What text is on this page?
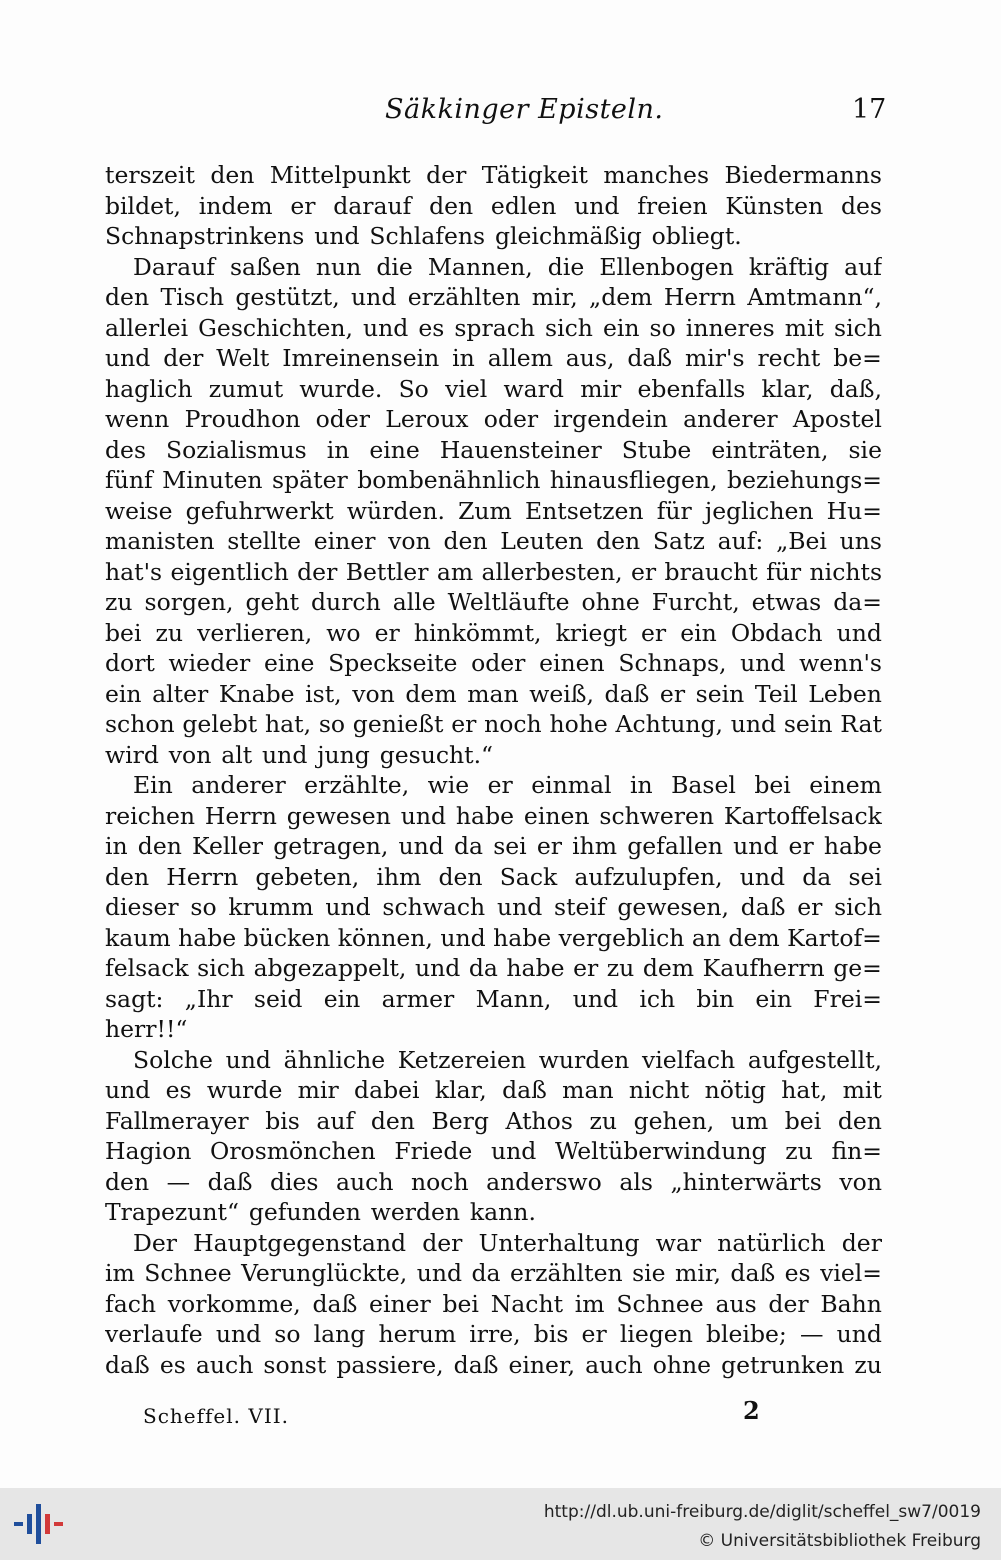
Säkkinger Episteln.	17
terszeit den Mittelpunkt der Tätigkeit manches Biedermanns
bildet, indem er darauf den edlen und freien Künsten des
Schnapstrinkens und Schlafens gleichmäßig obliegt.
Darauf saßen nun die Mannen, die Ellenbogen kräftig auf
den Tisch gestützt, und erzählten mir, „dem Herrn Amtmann“,
allerlei Geschichten, und es sprach sich ein so inneres mit sich
und der Welt Imreinensein in allem aus, daß mir's recht be=
haglich zumut wurde. So viel ward mir ebenfalls klar, daß,
wenn Proudhon oder Leroux oder irgendein anderer Apostel
des Sozialismus in eine Hauensteiner Stube einträten, sie
fünf Minuten später bombenähnlich hinausfliegen, beziehungs=
weise gefuhrwerkt würden. Zum Entsetzen für jeglichen Hu=
manisten stellte einer von den Leuten den Satz auf: „Bei uns
hat's eigentlich der Bettler am allerbesten, er braucht für nichts
zu sorgen, geht durch alle Weltläufte ohne Furcht, etwas da=
bei zu verlieren, wo er hinkömmt, kriegt er ein Obdach und
dort wieder eine Speckseite oder einen Schnaps, und wenn's
ein alter Knabe ist, von dem man weiß, daß er sein Teil Leben
schon gelebt hat, so genießt er noch hohe Achtung, und sein Rat
wird von alt und jung gesucht.“
Ein anderer erzählte, wie er einmal in Basel bei einem
reichen Herrn gewesen und habe einen schweren Kartoffelsack
in den Keller getragen, und da sei er ihm gefallen und er habe
den Herrn gebeten, ihm den Sack aufzulupfen, und da sei
dieser so krumm und schwach und steif gewesen, daß er sich
kaum habe bücken können, und habe vergeblich an dem Kartof=
felsack sich abgezappelt, und da habe er zu dem Kaufherrn ge=
sagt: „Ihr seid ein armer Mann, und ich bin ein Frei=
herr!!“
Solche und ähnliche Ketzereien wurden vielfach aufgestellt,
und es wurde mir dabei klar, daß man nicht nötig hat, mit
Fallmerayer bis auf den Berg Athos zu gehen, um bei den
Hagion Orosmönchen Friede und Weltüberwindung zu fin=
den — daß dies auch noch anderswo als „hinterwärts von
Trapezunt“ gefunden werden kann.
Der Hauptgegenstand der Unterhaltung war natürlich der
im Schnee Verunglückte, und da erzählten sie mir, daß es viel=
fach vorkomme, daß einer bei Nacht im Schnee aus der Bahn
verlaufe und so lang herum irre, bis er liegen bleibe; — und
daß es auch sonst passiere, daß einer, auch ohne getrunken zu
Scheffel. VII.	2
http://dl.ub.uni-freiburg.de/diglit/scheffel_sw7/0019
© Universitätsbibliothek Freiburg
